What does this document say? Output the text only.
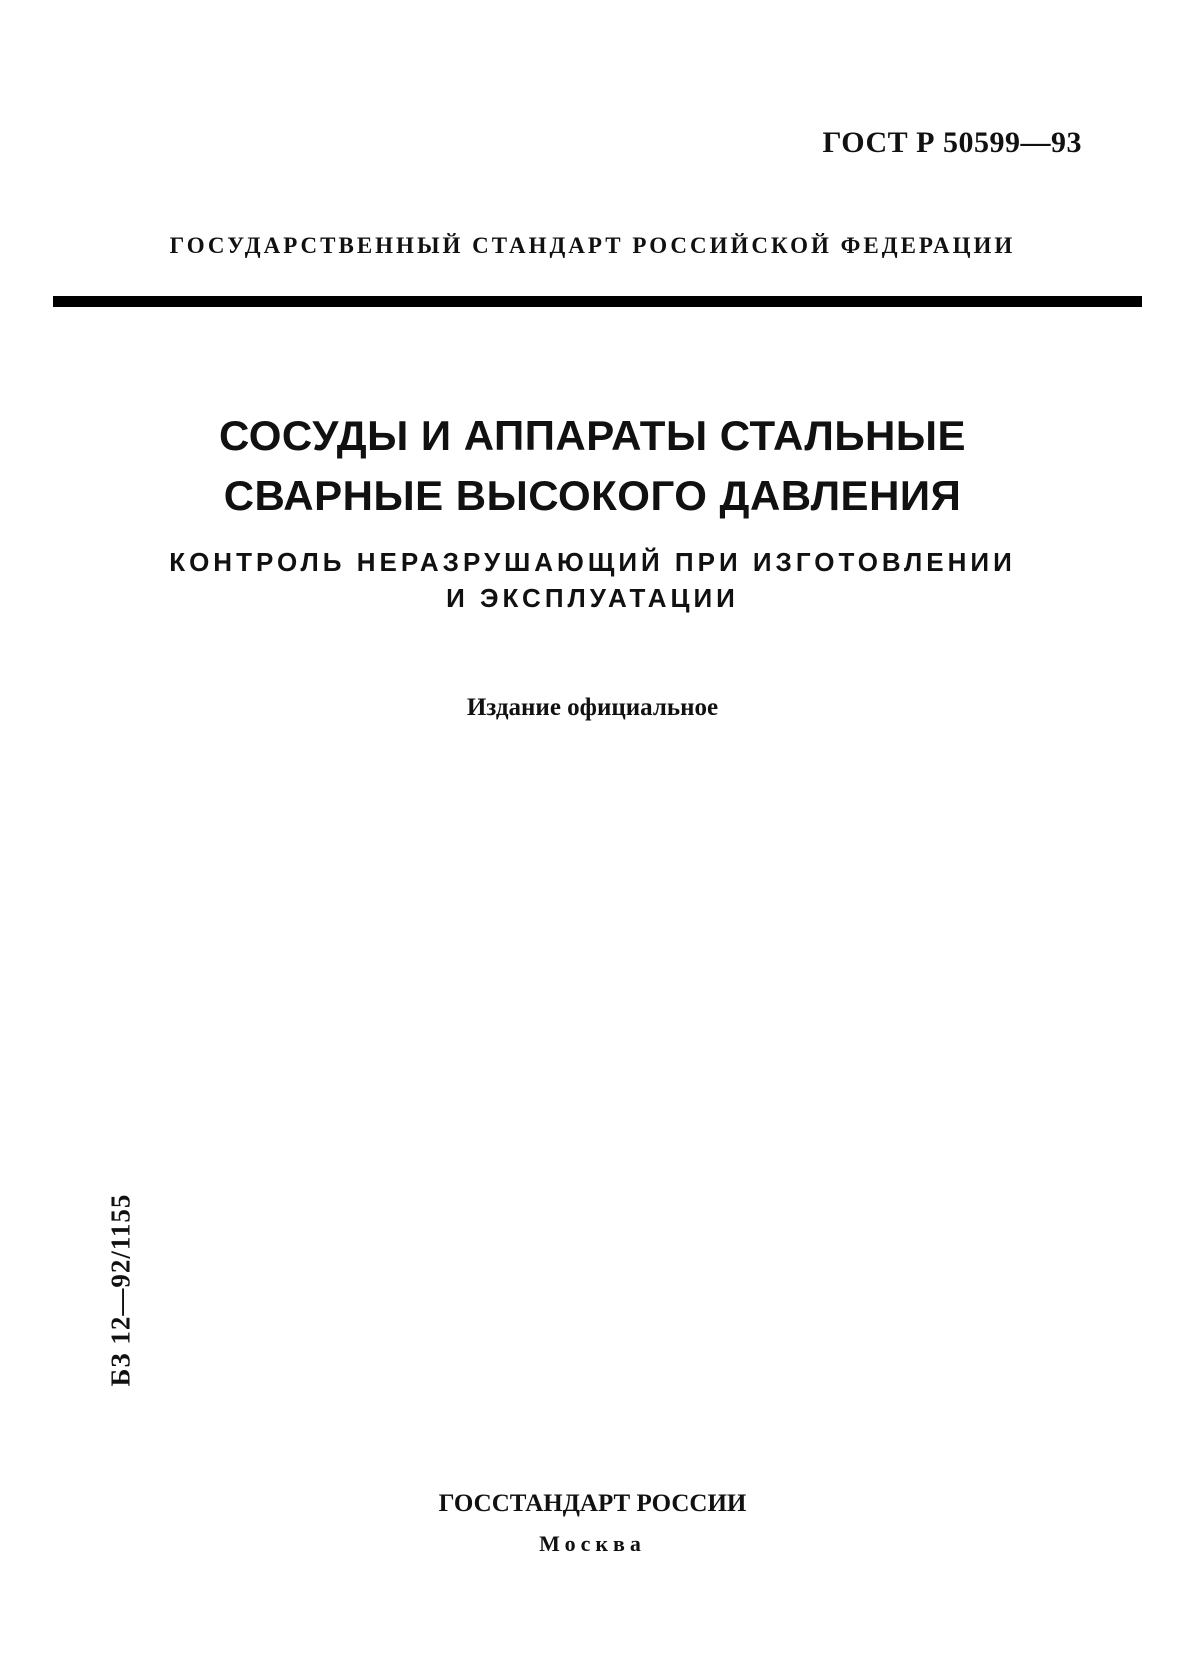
ГОСТ Р 50599—93
ГОСУДАРСТВЕННЫЙ СТАНДАРТ РОССИЙСКОЙ ФЕДЕРАЦИИ
СОСУДЫ И АППАРАТЫ СТАЛЬНЫЕ
СВАРНЫЕ ВЫСОКОГО ДАВЛЕНИЯ
КОНТРОЛЬ НЕРАЗРУШАЮЩИЙ ПРИ ИЗГОТОВЛЕНИИ
И ЭКСПЛУАТАЦИИ
Издание официальное
БЗ 12—92/1155
ГОССТАНДАРТ РОССИИ
Москва
